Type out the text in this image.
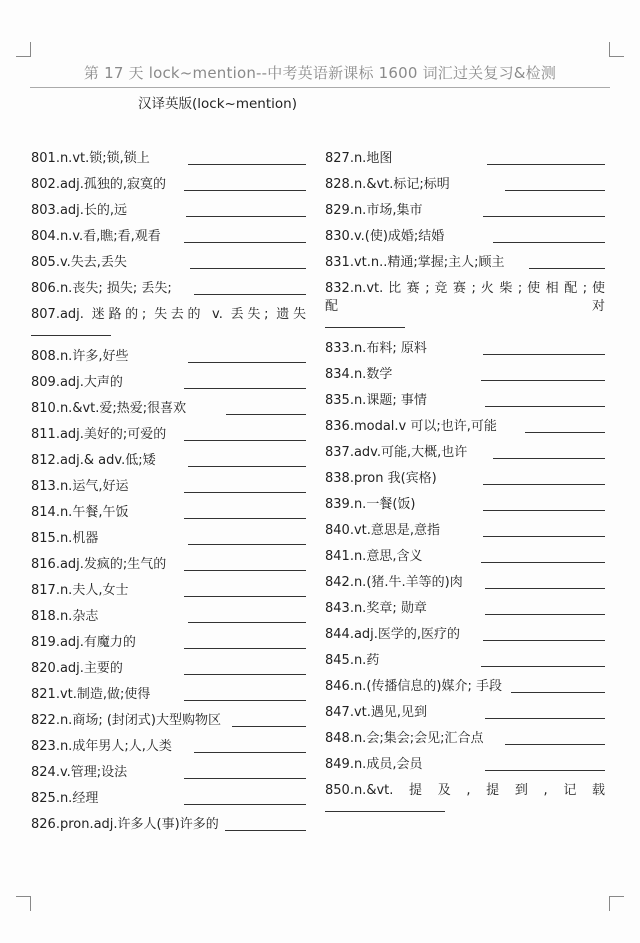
第 17 天 lock~mention--中考英语新课标 1600 词汇过关复习&检测
汉译英版(lock~mention)
801.n.vt.锁;锁,锁上
802.adj.孤独的,寂寞的
803.adj.长的,远
804.n.v.看,瞧;看,观看
805.v.失去,丢失
806.n.丧失; 损失; 丢失;
807.adj. 迷路的; 失去的 v. 丢失; 遗失
808.n.许多,好些
809.adj.大声的
810.n.&vt.爱;热爱;很喜欢
811.adj.美好的;可爱的
812.adj.& adv.低;矮
813.n.运气,好运
814.n.午餐,午饭
815.n.机器
816.adj.发疯的;生气的
817.n.夫人,女士
818.n.杂志
819.adj.有魔力的
820.adj.主要的
821.vt.制造,做;使得
822.n.商场; (封闭式)大型购物区
823.n.成年男人;人,人类
824.v.管理;设法
825.n.经理
826.pron.adj.许多人(事)许多的
827.n.地图
828.n.&vt.标记;标明
829.n.市场,集市
830.v.(使)成婚;结婚
831.vt.n..精通;掌握;主人;顾主
832.n.vt. 比 赛 ; 竞 赛 ; 火 柴 ; 使 相 配 ; 使 配 对
833.n.布料; 原料
834.n.数学
835.n.课题; 事情
836.modal.v 可以;也许,可能
837.adv.可能,大概,也许
838.pron 我(宾格)
839.n.一餐(饭)
840.vt.意思是,意指
841.n.意思,含义
842.n.(猪.牛.羊等的)肉
843.n.奖章; 勋章
844.adj.医学的,医疗的
845.n.药
846.n.(传播信息的)媒介; 手段
847.vt.遇见,见到
848.n.会;集会;会见;汇合点
849.n.成员,会员
850.n.&vt.提及,提到,记载
